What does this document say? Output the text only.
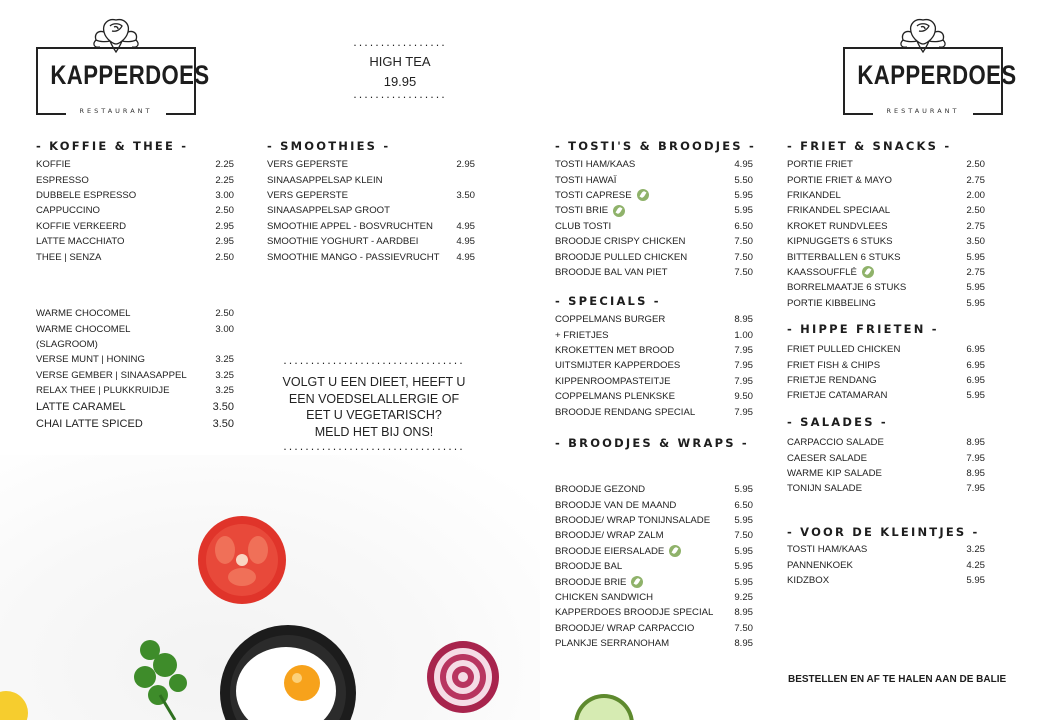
KAPPERDOES
RESTAURANT
KAPPERDOES
RESTAURANT
·················
HIGH TEA
19.95
·················
- KOFFIE & THEE -
KOFFIE	2.25
ESPRESSO	2.25
DUBBELE ESPRESSO	3.00
CAPPUCCINO	2.50
KOFFIE VERKEERD	2.95
LATTE MACCHIATO	2.95
THEE | SENZA	2.50
WARME CHOCOMEL	2.50
WARME CHOCOMEL	3.00
(SLAGROOM)
VERSE MUNT | HONING	3.25
VERSE GEMBER | SINAASAPPEL	3.25
RELAX THEE | PLUKKRUIDJE	3.25
LATTE CARAMEL	3.50
CHAI LATTE SPICED	3.50
- SMOOTHIES -
VERS GEPERSTE	2.95
SINAASAPPELSAP KLEIN
VERS GEPERSTE	3.50
SINAASAPPELSAP GROOT
SMOOTHIE APPEL - BOSVRUCHTEN 4.95
SMOOTHIE YOGHURT - AARDBEI	4.95
SMOOTHIE MANGO - PASSIEVRUCHT 4.95
·································
VOLGT U EEN DIEET, HEEFT U
EEN VOEDSELALLERGIE OF
EET U VEGETARISCH?
MELD HET BIJ ONS!
·································
- TOSTI'S & BROODJES -
TOSTI HAM/KAAS	4.95
TOSTI HAWAÏ	5.50
TOSTI CAPRESE	5.95
TOSTI BRIE	5.95
CLUB TOSTI	6.50
BROODJE CRISPY CHICKEN	7.50
BROODJE PULLED CHICKEN	7.50
BROODJE BAL VAN PIET	7.50
- SPECIALS -
COPPELMANS BURGER	8.95
+ FRIETJES	1.00
KROKETTEN MET BROOD	7.95
UITSMIJTER KAPPERDOES	7.95
KIPPENROOMPASTEITJE	7.95
COPPELMANS PLENKSKE	9.50
BROODJE RENDANG SPECIAL	7.95
- BROODJES & WRAPS -
BROODJE GEZOND	5.95
BROODJE VAN DE MAAND	6.50
BROODJE/ WRAP TONIJNSALADE	5.95
BROODJE/ WRAP ZALM	7.50
BROODJE EIERSALADE	5.95
BROODJE BAL	5.95
BROODJE BRIE	5.95
CHICKEN SANDWICH	9.25
KAPPERDOES BROODJE SPECIAL 8.95
BROODJE/ WRAP CARPACCIO	7.50
PLANKJE SERRANOHAM	8.95
- FRIET & SNACKS -
PORTIE FRIET	2.50
PORTIE FRIET & MAYO	2.75
FRIKANDEL	2.00
FRIKANDEL SPECIAAL	2.50
KROKET RUNDVLEES	2.75
KIPNUGGETS 6 STUKS	3.50
BITTERBALLEN 6 STUKS	5.95
KAASSOUFFLÉ	2.75
BORRELMAATJE 6 STUKS	5.95
PORTIE KIBBELING	5.95
- HIPPE FRIETEN -
FRIET PULLED CHICKEN	6.95
FRIET FISH & CHIPS	6.95
FRIETJE RENDANG	6.95
FRIETJE CATAMARAN	5.95
- SALADES -
CARPACCIO SALADE	8.95
CAESER SALADE	7.95
WARME KIP SALADE	8.95
TONIJN SALADE	7.95
- VOOR DE KLEINTJES -
TOSTI HAM/KAAS	3.25
PANNENKOEK	4.25
KIDZBOX	5.95
BESTELLEN EN AF TE HALEN AAN DE BALIE
